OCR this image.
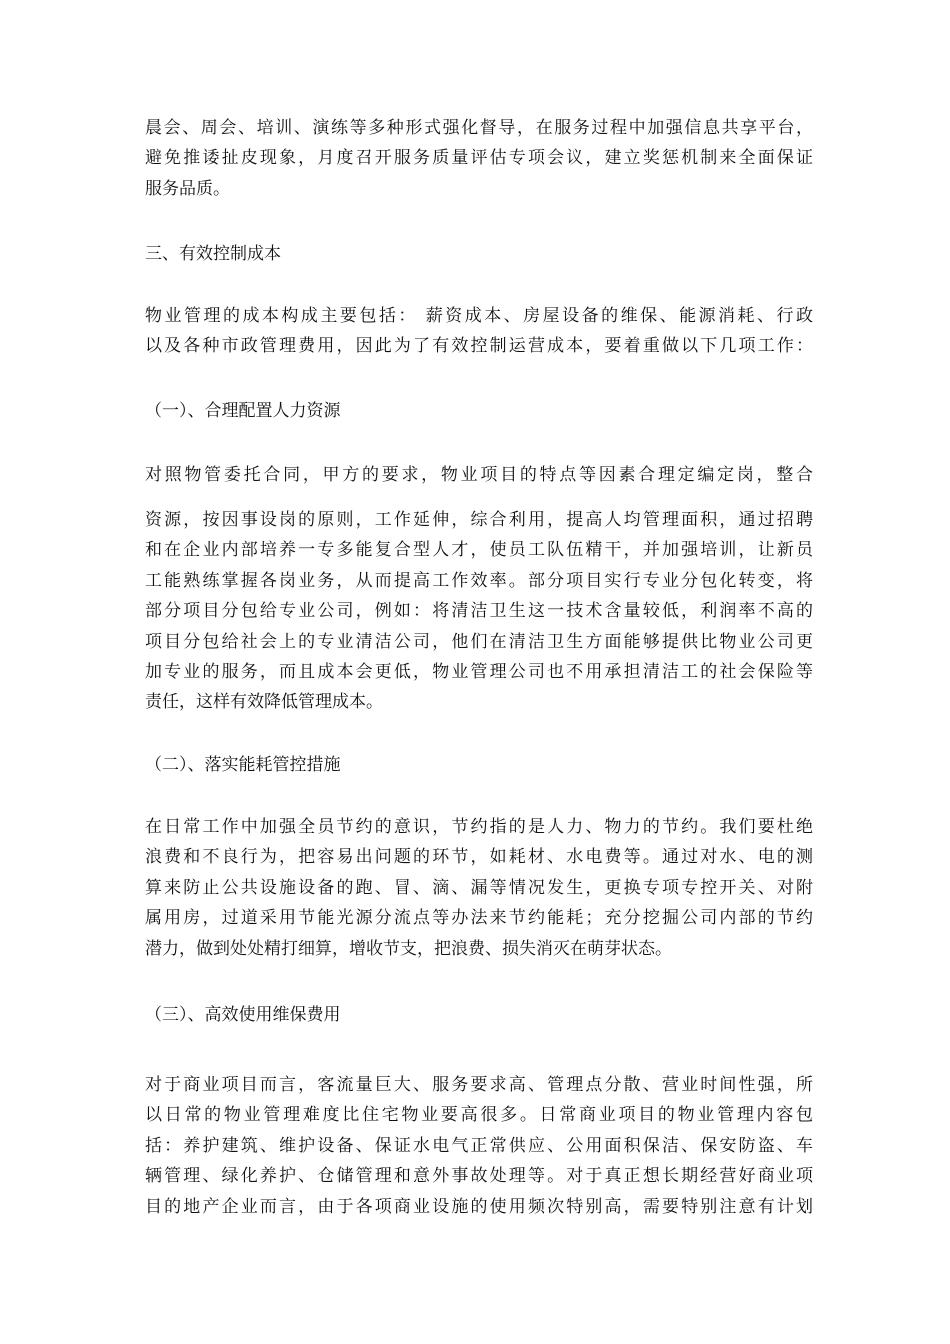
晨会、周会、培训、演练等多种形式强化督导，在服务过程中加强信息共享平台，
避免推诿扯皮现象，月度召开服务质量评估专项会议，建立奖惩机制来全面保证
服务品质。
三、有效控制成本
物业管理的成本构成主要包括： 薪资成本、房屋设备的维保、能源消耗、行政
以及各种市政管理费用，因此为了有效控制运营成本，要着重做以下几项工作：
（一）、合理配置人力资源
对照物管委托合同，甲方的要求，物业项目的特点等因素合理定编定岗，整合
资源，按因事设岗的原则，工作延伸，综合利用，提高人均管理面积，通过招聘
和在企业内部培养一专多能复合型人才，使员工队伍精干，并加强培训，让新员
工能熟练掌握各岗业务，从而提高工作效率。部分项目实行专业分包化转变，将
部分项目分包给专业公司，例如：将清洁卫生这一技术含量较低，利润率不高的
项目分包给社会上的专业清洁公司，他们在清洁卫生方面能够提供比物业公司更
加专业的服务，而且成本会更低，物业管理公司也不用承担清洁工的社会保险等
责任，这样有效降低管理成本。
（二）、落实能耗管控措施
在日常工作中加强全员节约的意识，节约指的是人力、物力的节约。我们要杜绝
浪费和不良行为，把容易出问题的环节，如耗材、水电费等。通过对水、电的测
算来防止公共设施设备的跑、冒、滴、漏等情况发生，更换专项专控开关、对附
属用房，过道采用节能光源分流点等办法来节约能耗；充分挖掘公司内部的节约
潜力，做到处处精打细算，增收节支，把浪费、损失消灭在萌芽状态。
（三）、高效使用维保费用
对于商业项目而言，客流量巨大、服务要求高、管理点分散、营业时间性强，所
以日常的物业管理难度比住宅物业要高很多。日常商业项目的物业管理内容包
括：养护建筑、维护设备、保证水电气正常供应、公用面积保洁、保安防盗、车
辆管理、绿化养护、仓储管理和意外事故处理等。对于真正想长期经营好商业项
目的地产企业而言，由于各项商业设施的使用频次特别高，需要特别注意有计划
